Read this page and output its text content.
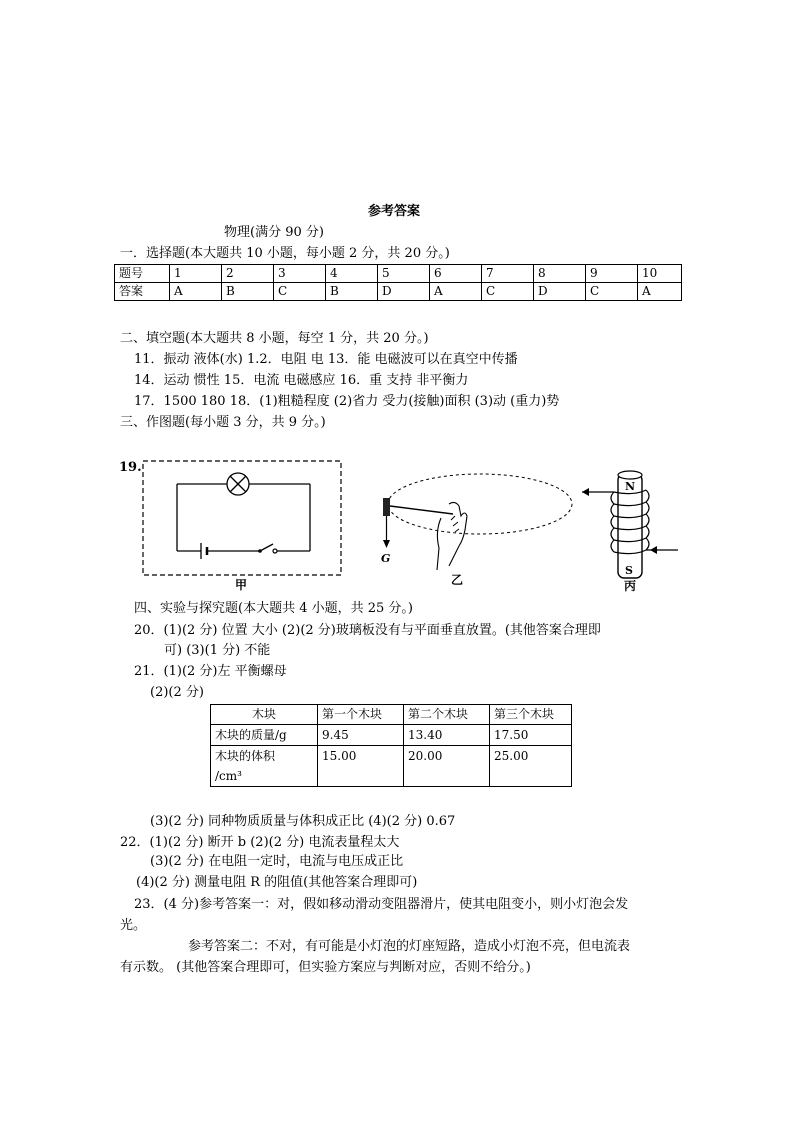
参考答案
物理(满分 90 分)
一．选择题(本大题共 10 小题，每小题 2 分，共 20 分。)
题号	1	2	3	4	5	6	7	8	9	10
答案	A	B	C	B	D	A	C	D	C	A
二、填空题(本大题共 8 小题，每空 1 分，共 20 分。)
11．振动 液体(水) 1.2．电阻 电 13．能 电磁波可以在真空中传播
14．运动 惯性 15．电流 电磁感应 16．重 支持 非平衡力
17．1500 180 18．(1)粗糙程度 (2)省力 受力(接触)面积 (3)动 (重力)势
三、作图题(每小题 3 分，共 9 分。)
19.
甲
G
乙
N
S
丙
四、实验与探究题(本大题共 4 小题，共 25 分。)
20．(1)(2 分) 位置 大小 (2)(2 分)玻璃板没有与平面垂直放置。(其他答案合理即
可) (3)(1 分) 不能
21．(1)(2 分)左 平衡螺母
(2)(2 分)
木块	第一个木块	第二个木块	第三个木块
木块的质量/g	9.45	13.40	17.50

木块的体积
/cm³	15.00	20.00	25.00
(3)(2 分) 同种物质质量与体积成正比 (4)(2 分) 0.67
22．(1)(2 分) 断开 b (2)(2 分) 电流表量程太大
(3)(2 分) 在电阻一定时，电流与电压成正比
(4)(2 分) 测量电阻 R 的阻值(其他答案合理即可)
23．(4 分)参考答案一：对，假如移动滑动变阻器滑片，使其电阻变小，则小灯泡会发
光。
参考答案二：不对，有可能是小灯泡的灯座短路，造成小灯泡不亮，但电流表
有示数。 (其他答案合理即可，但实验方案应与判断对应，否则不给分。)
